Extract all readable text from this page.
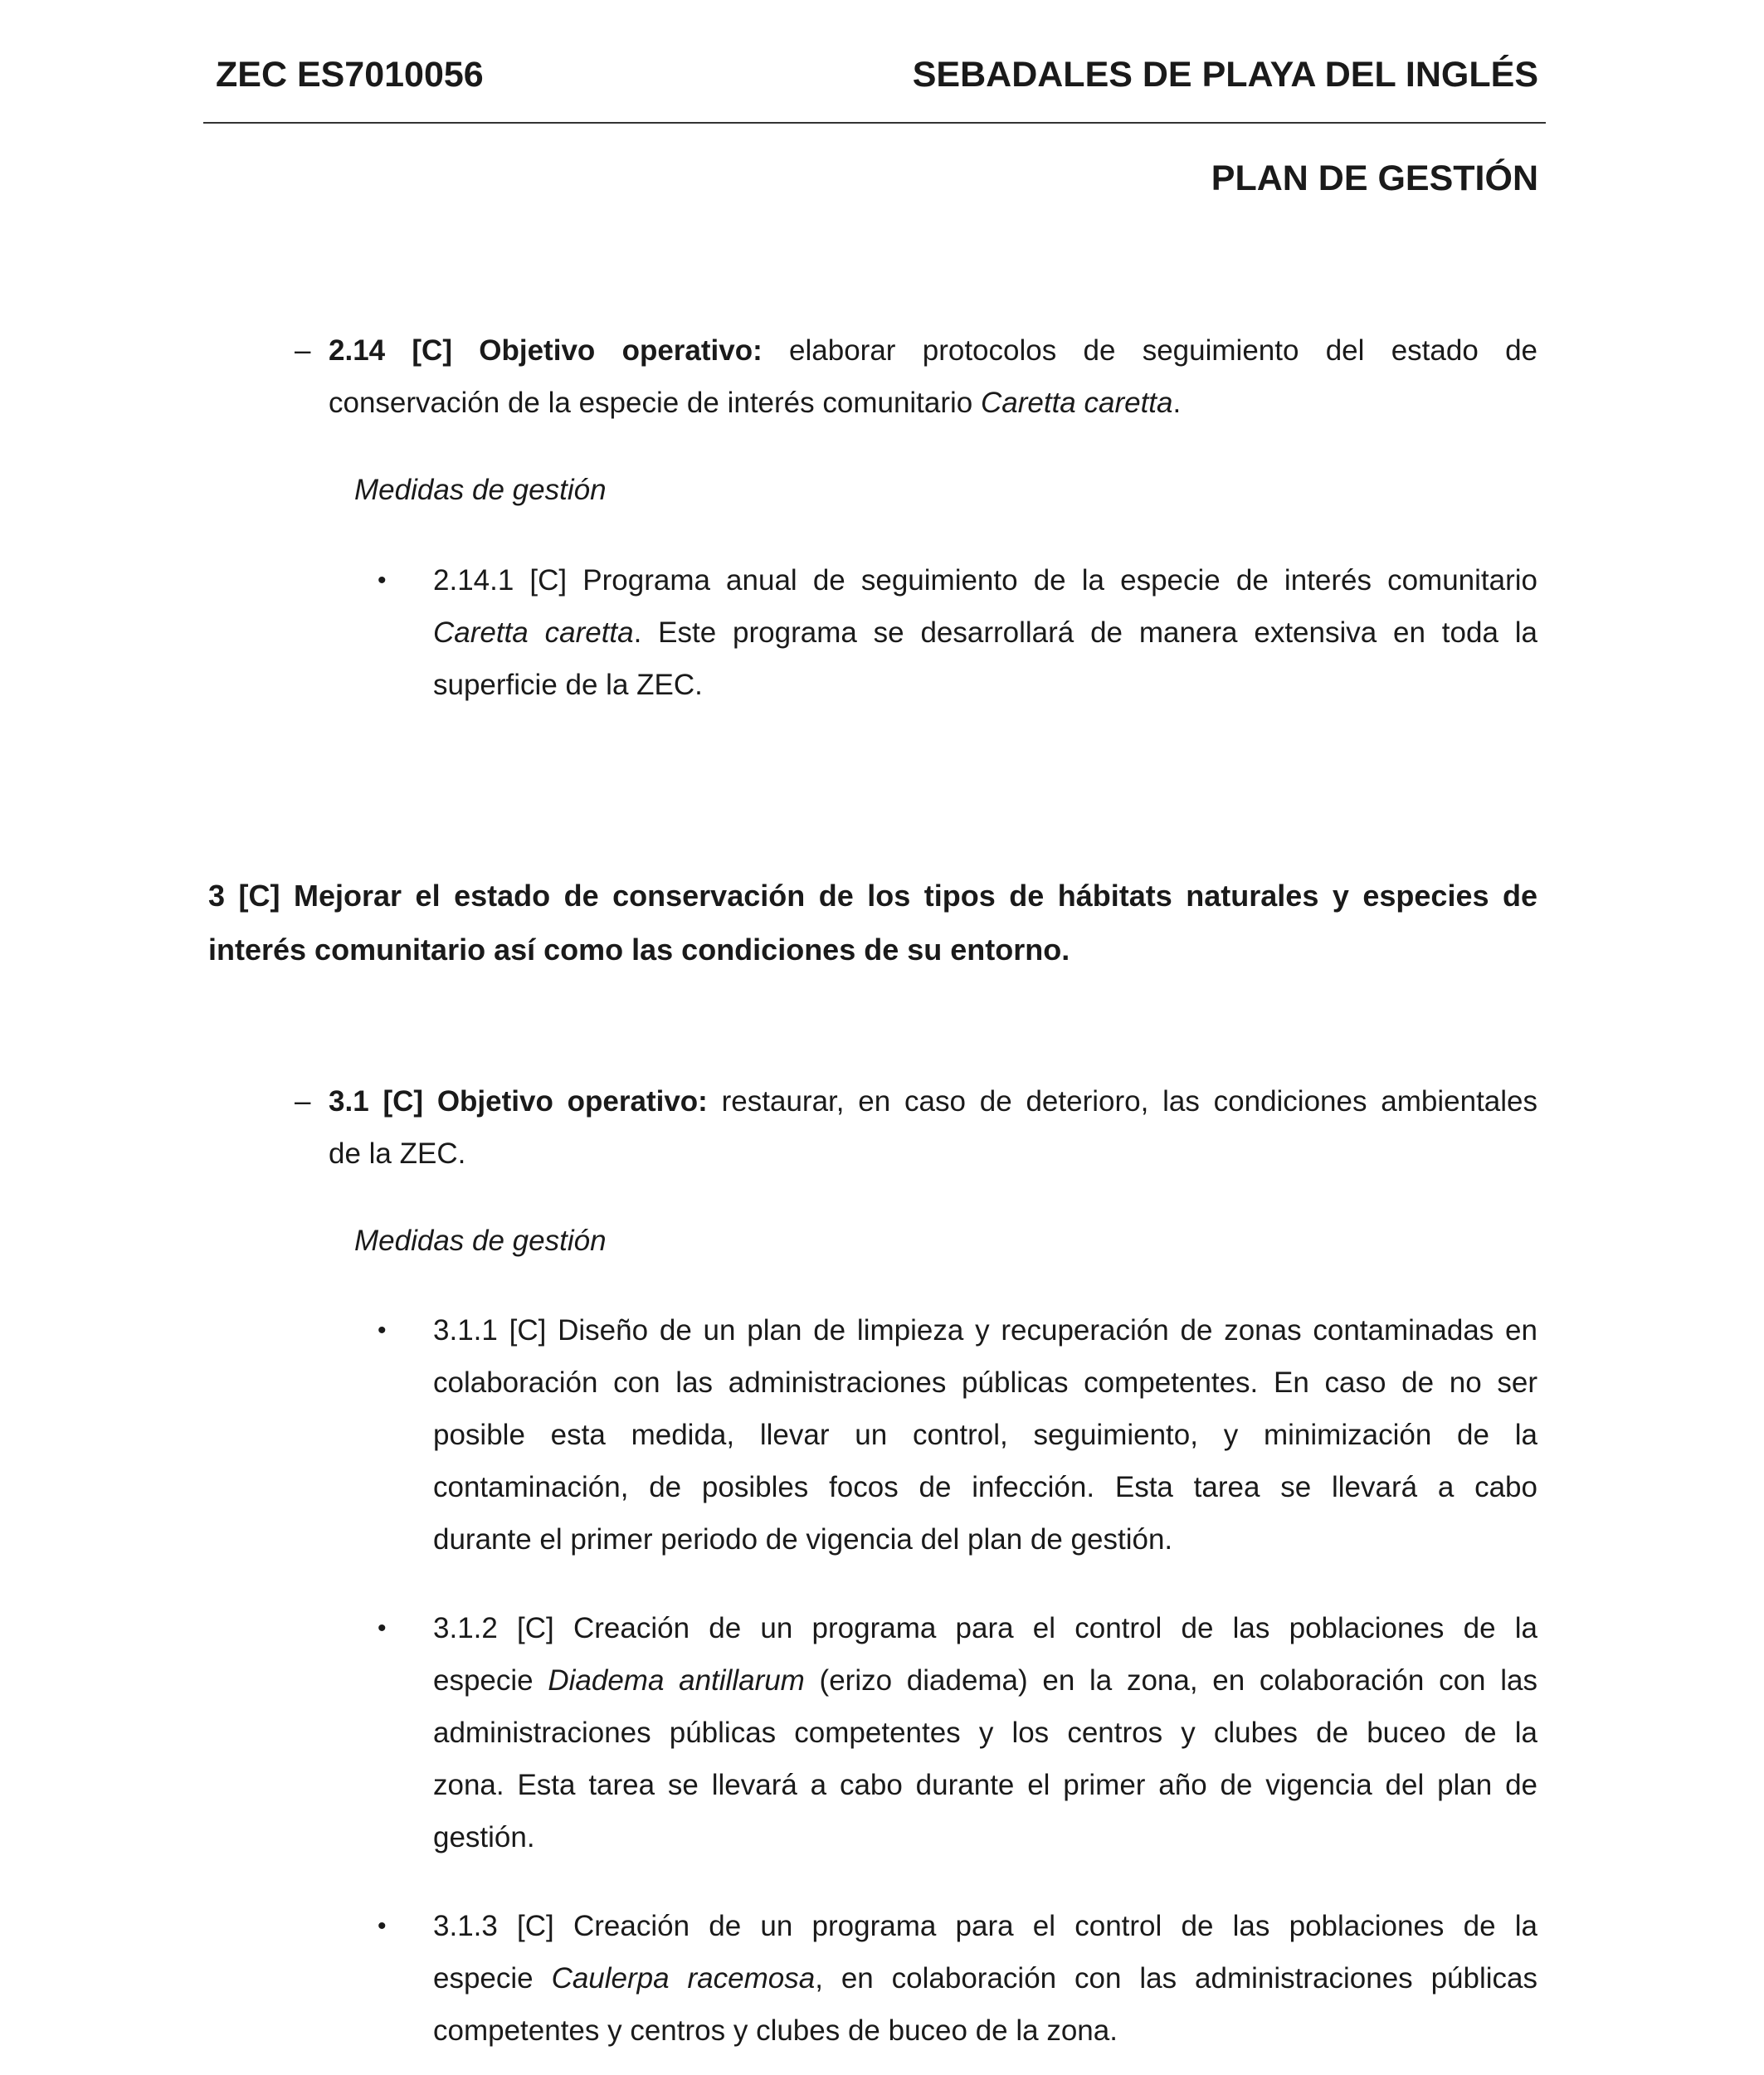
ZEC ES7010056	SEBADALES DE PLAYA DEL INGLÉS
PLAN DE GESTIÓN
– 2.14 [C] Objetivo operativo: elaborar protocolos de seguimiento del estado de
conservación de la especie de interés comunitario Caretta caretta.
Medidas de gestión
• 2.14.1 [C] Programa anual de seguimiento de la especie de interés comunitario
Caretta caretta. Este programa se desarrollará de manera extensiva en toda la
superficie de la ZEC.
3 [C] Mejorar el estado de conservación de los tipos de hábitats naturales y especies de
interés comunitario así como las condiciones de su entorno.
– 3.1 [C] Objetivo operativo: restaurar, en caso de deterioro, las condiciones ambientales
de la ZEC.
Medidas de gestión
• 3.1.1 [C] Diseño de un plan de limpieza y recuperación de zonas contaminadas en
colaboración con las administraciones públicas competentes. En caso de no ser
posible esta medida, llevar un control, seguimiento, y minimización de la
contaminación, de posibles focos de infección. Esta tarea se llevará a cabo
durante el primer periodo de vigencia del plan de gestión.
• 3.1.2 [C] Creación de un programa para el control de las poblaciones de la
especie Diadema antillarum (erizo diadema) en la zona, en colaboración con las
administraciones públicas competentes y los centros y clubes de buceo de la
zona. Esta tarea se llevará a cabo durante el primer año de vigencia del plan de
gestión.
• 3.1.3 [C] Creación de un programa para el control de las poblaciones de la
especie Caulerpa racemosa, en colaboración con las administraciones públicas
competentes y centros y clubes de buceo de la zona.
